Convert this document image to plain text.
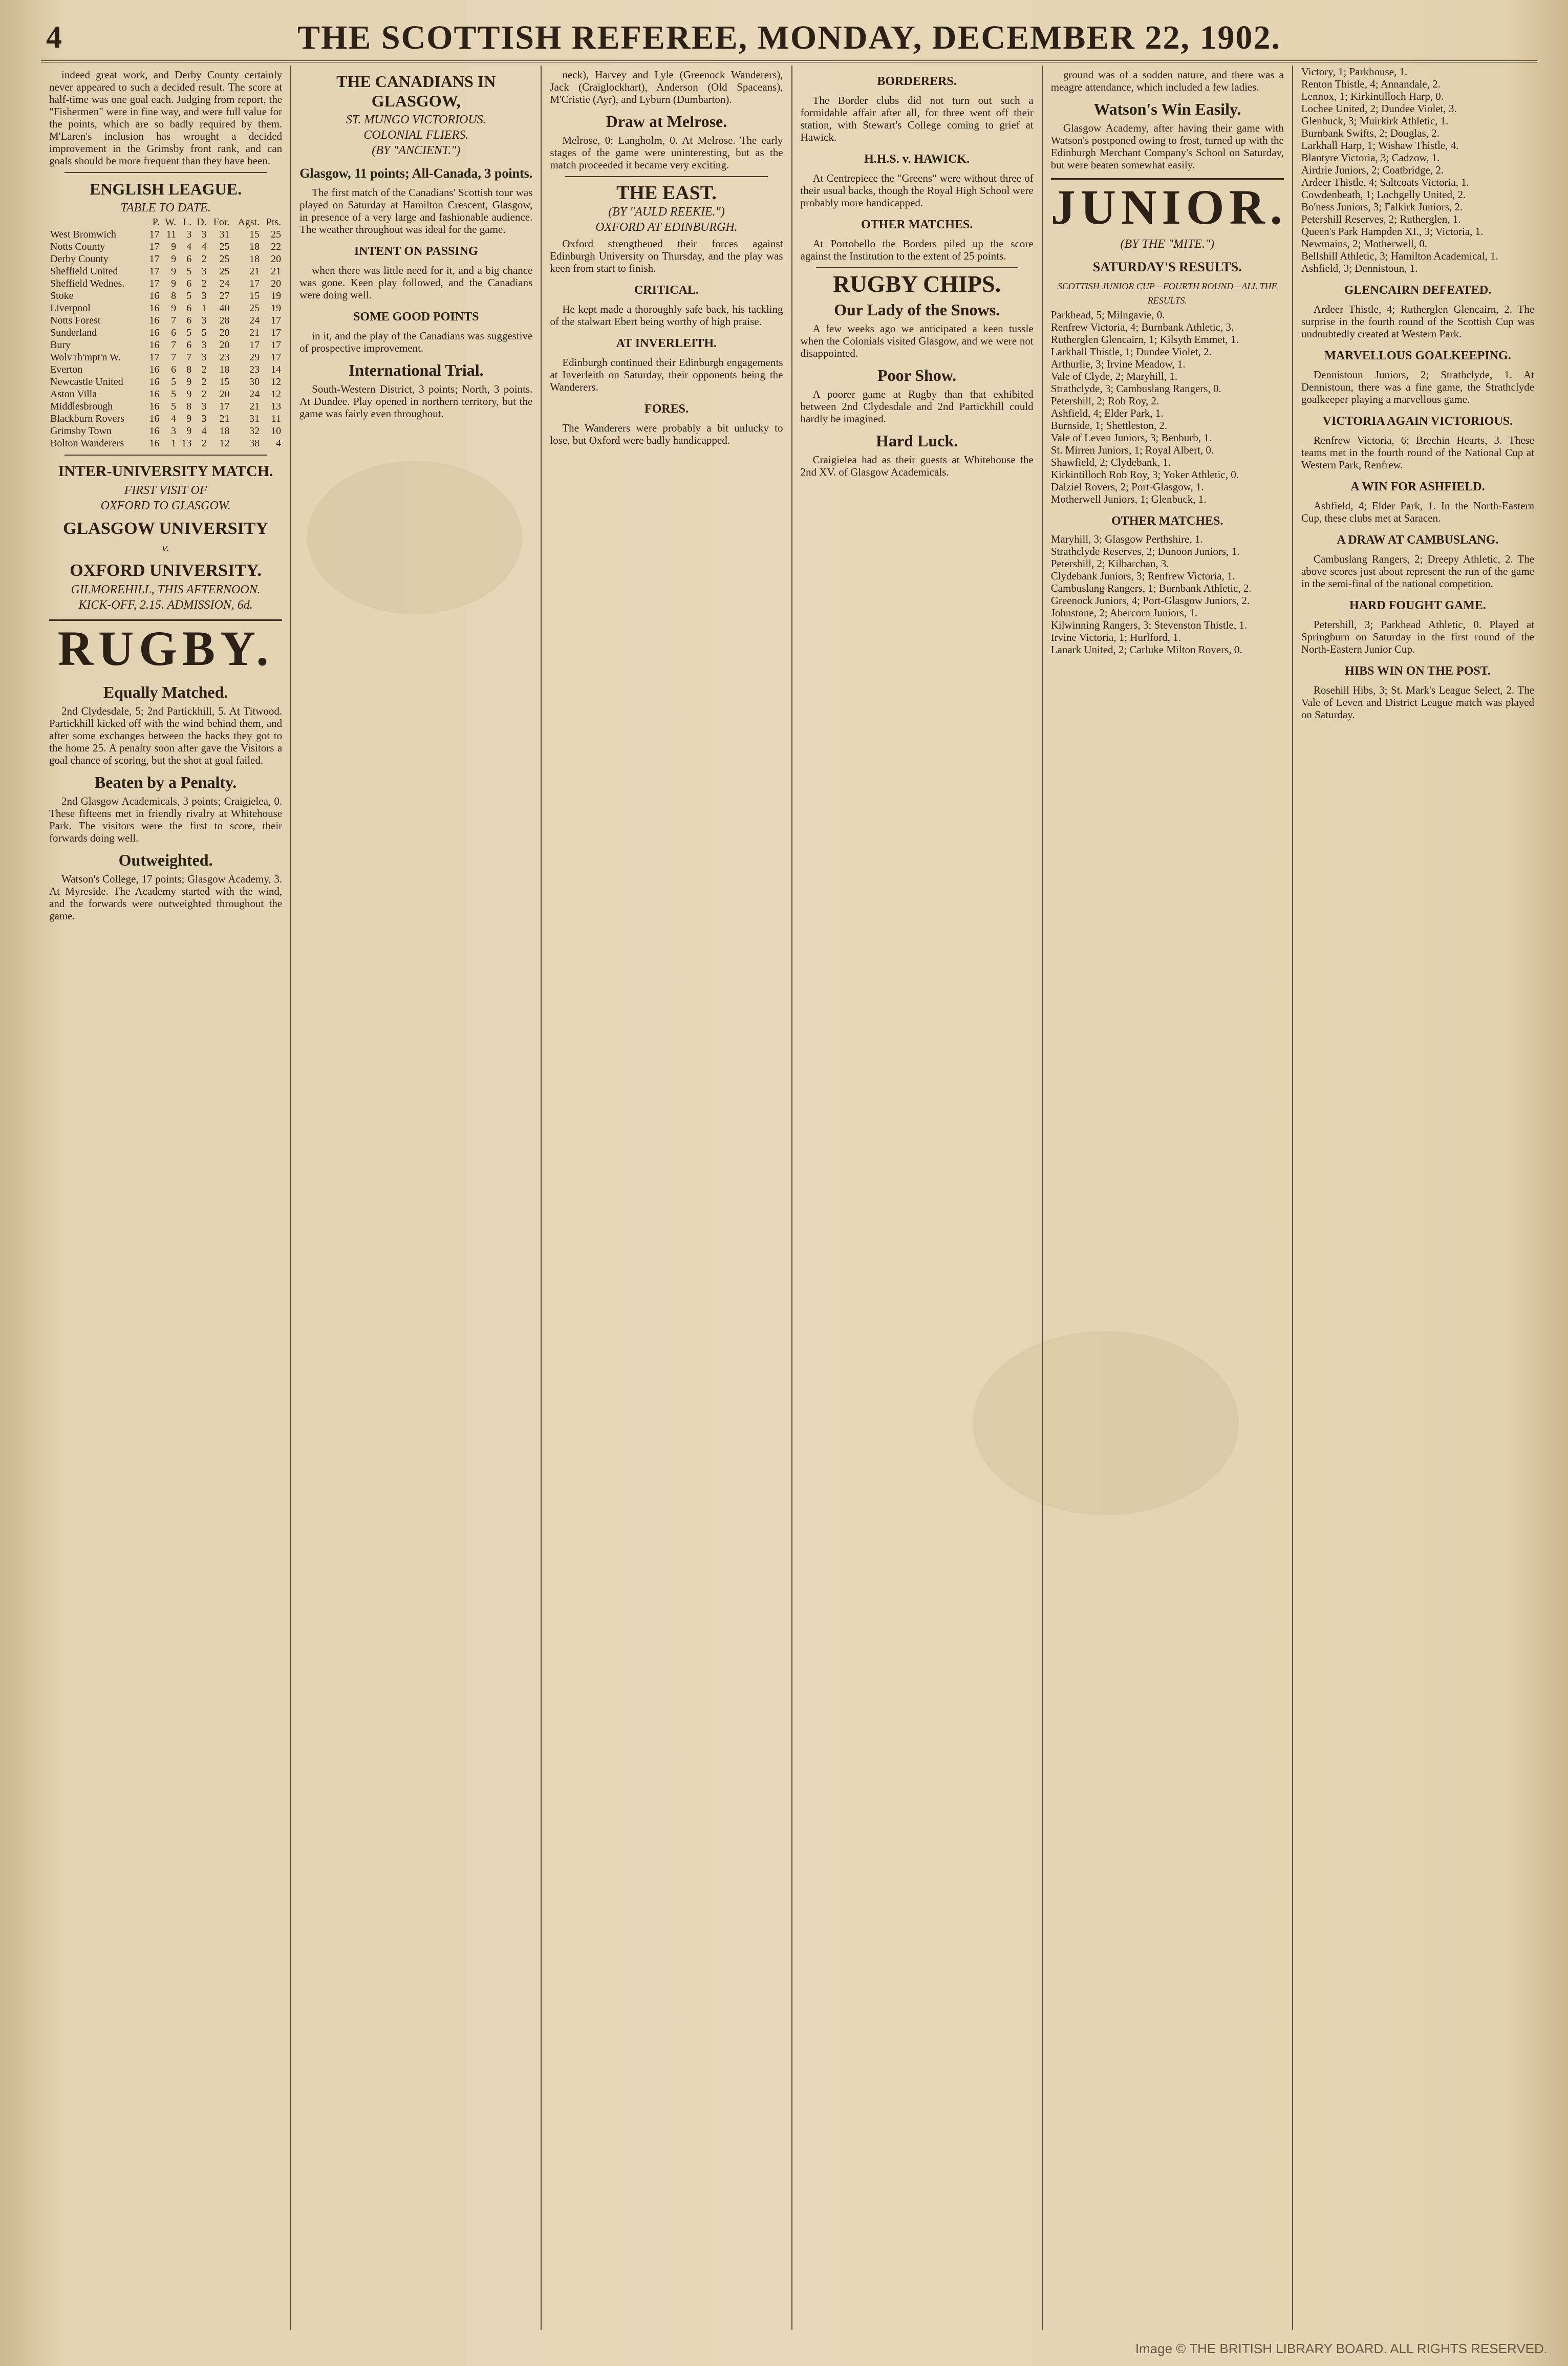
4	THE SCOTTISH REFEREE, MONDAY, DECEMBER 22, 1902.

indeed great work, and Derby County certainly never appeared to such a decided result. The score at half-time was one goal each. Judging from report, the "Fishermen" were in fine way, and were full value for the points, which are so badly required by them. M'Laren's inclusion has wrought a decided improvement in the Grimsby front rank, and can goals should be more frequent than they have been.

ENGLISH LEAGUE.
TABLE TO DATE.
	P.	W.	L.	D.	For.	Agst.	Pts.
West Bromwich	17	11	3	3	31	15	25
Notts County	17	9	4	4	25	18	22
Derby County	17	9	6	2	25	18	20
Sheffield United	17	9	5	3	25	21	21
Sheffield Wednes.	17	9	6	2	24	17	20
Stoke	16	8	5	3	27	15	19
Liverpool	16	9	6	1	40	25	19
Notts Forest	16	7	6	3	28	24	17
Sunderland	16	6	5	5	20	21	17
Bury	16	7	6	3	20	17	17
Wolv'rh'mpt'n W.	17	7	7	3	23	29	17
Everton	16	6	8	2	18	23	14
Newcastle United	16	5	9	2	15	30	12
Aston Villa	16	5	9	2	20	24	12
Middlesbrough	16	5	8	3	17	21	13
Blackburn Rovers	16	4	9	3	21	31	11
Grimsby Town	16	3	9	4	18	32	10
Bolton Wanderers	16	1	13	2	12	38	4
INTER-UNIVERSITY MATCH.
FIRST VISIT OF
OXFORD TO GLASGOW.
GLASGOW UNIVERSITY
v.
OXFORD UNIVERSITY.
GILMOREHILL, THIS AFTERNOON.
KICK-OFF, 2.15. ADMISSION, 6d.
RUGBY.
Equally Matched.

2nd Clydesdale, 5; 2nd Partickhill, 5. At Titwood. Partickhill kicked off with the wind behind them, and after some exchanges between the backs they got to the home 25. A penalty soon after gave the Visitors a goal chance of scoring, but the shot at goal failed.

Beaten by a Penalty.

2nd Glasgow Academicals, 3 points; Craigielea, 0. These fifteens met in friendly rivalry at Whitehouse Park. The visitors were the first to score, their forwards doing well.

Outweighted.

Watson's College, 17 points; Glasgow Academy, 3. At Myreside. The Academy started with the wind, and the forwards were outweighted throughout the game.

THE CANADIANS IN GLASGOW,
ST. MUNGO VICTORIOUS.
COLONIAL FLIERS.
(BY "ANCIENT.")
Glasgow, 11 points; All-Canada, 3 points.

The first match of the Canadians' Scottish tour was played on Saturday at Hamilton Crescent, Glasgow, in presence of a very large and fashionable audience. The weather throughout was ideal for the game.

INTENT ON PASSING

when there was little need for it, and a big chance was gone. Keen play followed, and the Canadians were doing well.

SOME GOOD POINTS

in it, and the play of the Canadians was suggestive of prospective improvement.

International Trial.

South-Western District, 3 points; North, 3 points. At Dundee. Play opened in northern territory, but the game was fairly even throughout.

neck), Harvey and Lyle (Greenock Wanderers), Jack (Craiglockhart), Anderson (Old Spaceans), M'Cristie (Ayr), and Lyburn (Dumbarton).

Draw at Melrose.

Melrose, 0; Langholm, 0. At Melrose. The early stages of the game were uninteresting, but as the match proceeded it became very exciting.

THE EAST.
(BY "AULD REEKIE.")
OXFORD AT EDINBURGH.

Oxford strengthened their forces against Edinburgh University on Thursday, and the play was keen from start to finish.

CRITICAL.

He kept made a thoroughly safe back, his tackling of the stalwart Ebert being worthy of high praise.

AT INVERLEITH.

Edinburgh continued their Edinburgh engagements at Inverleith on Saturday, their opponents being the Wanderers.

FORES.

The Wanderers were probably a bit unlucky to lose, but Oxford were badly handicapped.

BORDERERS.

The Border clubs did not turn out such a formidable affair after all, for three went off their station, with Stewart's College coming to grief at Hawick.

H.H.S. v. HAWICK.

At Centrepiece the "Greens" were without three of their usual backs, though the Royal High School were probably more handicapped.

OTHER MATCHES.

At Portobello the Borders piled up the score against the Institution to the extent of 25 points.

RUGBY CHIPS.
Our Lady of the Snows.

A few weeks ago we anticipated a keen tussle when the Colonials visited Glasgow, and we were not disappointed.

Poor Show.

A poorer game at Rugby than that exhibited between 2nd Clydesdale and 2nd Partickhill could hardly be imagined.

Hard Luck.

Craigielea had as their guests at Whitehouse the 2nd XV. of Glasgow Academicals.

ground was of a sodden nature, and there was a meagre attendance, which included a few ladies.

Watson's Win Easily.

Glasgow Academy, after having their game with Watson's postponed owing to frost, turned up with the Edinburgh Merchant Company's School on Saturday, but were beaten somewhat easily.

JUNIOR.
(BY THE "MITE.")
SATURDAY'S RESULTS.
SCOTTISH JUNIOR CUP—FOURTH ROUND—ALL THE RESULTS.
Parkhead, 5; Milngavie, 0.
Renfrew Victoria, 4; Burnbank Athletic, 3.
Rutherglen Glencairn, 1; Kilsyth Emmet, 1.
Larkhall Thistle, 1; Dundee Violet, 2.
Arthurlie, 3; Irvine Meadow, 1.
Vale of Clyde, 2; Maryhill, 1.
Strathclyde, 3; Cambuslang Rangers, 0.
Petershill, 2; Rob Roy, 2.
Ashfield, 4; Elder Park, 1.
Burnside, 1; Shettleston, 2.
Vale of Leven Juniors, 3; Benburb, 1.
St. Mirren Juniors, 1; Royal Albert, 0.
Shawfield, 2; Clydebank, 1.
Kirkintilloch Rob Roy, 3; Yoker Athletic, 0.
Dalziel Rovers, 2; Port-Glasgow, 1.
Motherwell Juniors, 1; Glenbuck, 1.
OTHER MATCHES.
Maryhill, 3; Glasgow Perthshire, 1.
Strathclyde Reserves, 2; Dunoon Juniors, 1.
Petershill, 2; Kilbarchan, 3.
Clydebank Juniors, 3; Renfrew Victoria, 1.
Cambuslang Rangers, 1; Burnbank Athletic, 2.
Greenock Juniors, 4; Port-Glasgow Juniors, 2.
Johnstone, 2; Abercorn Juniors, 1.
Kilwinning Rangers, 3; Stevenston Thistle, 1.
Irvine Victoria, 1; Hurlford, 1.
Lanark United, 2; Carluke Milton Rovers, 0.
Victory, 1; Parkhouse, 1.
Renton Thistle, 4; Annandale, 2.
Lennox, 1; Kirkintilloch Harp, 0.
Lochee United, 2; Dundee Violet, 3.
Glenbuck, 3; Muirkirk Athletic, 1.
Burnbank Swifts, 2; Douglas, 2.
Larkhall Harp, 1; Wishaw Thistle, 4.
Blantyre Victoria, 3; Cadzow, 1.
Airdrie Juniors, 2; Coatbridge, 2.
Ardeer Thistle, 4; Saltcoats Victoria, 1.
Cowdenbeath, 1; Lochgelly United, 2.
Bo'ness Juniors, 3; Falkirk Juniors, 2.
Petershill Reserves, 2; Rutherglen, 1.
Queen's Park Hampden XI., 3; Victoria, 1.
Newmains, 2; Motherwell, 0.
Bellshill Athletic, 3; Hamilton Academical, 1.
Ashfield, 3; Dennistoun, 1.
GLENCAIRN DEFEATED.

Ardeer Thistle, 4; Rutherglen Glencairn, 2. The surprise in the fourth round of the Scottish Cup was undoubtedly created at Western Park.

MARVELLOUS GOALKEEPING.

Dennistoun Juniors, 2; Strathclyde, 1. At Dennistoun, there was a fine game, the Strathclyde goalkeeper playing a marvellous game.

VICTORIA AGAIN VICTORIOUS.

Renfrew Victoria, 6; Brechin Hearts, 3. These teams met in the fourth round of the National Cup at Western Park, Renfrew.

A WIN FOR ASHFIELD.

Ashfield, 4; Elder Park, 1. In the North-Eastern Cup, these clubs met at Saracen.

A DRAW AT CAMBUSLANG.

Cambuslang Rangers, 2; Dreepy Athletic, 2. The above scores just about represent the run of the game in the semi-final of the national competition.

HARD FOUGHT GAME.

Petershill, 3; Parkhead Athletic, 0. Played at Springburn on Saturday in the first round of the North-Eastern Junior Cup.

HIBS WIN ON THE POST.

Rosehill Hibs, 3; St. Mark's League Select, 2. The Vale of Leven and District League match was played on Saturday.

Image © THE BRITISH LIBRARY BOARD. ALL RIGHTS RESERVED.
